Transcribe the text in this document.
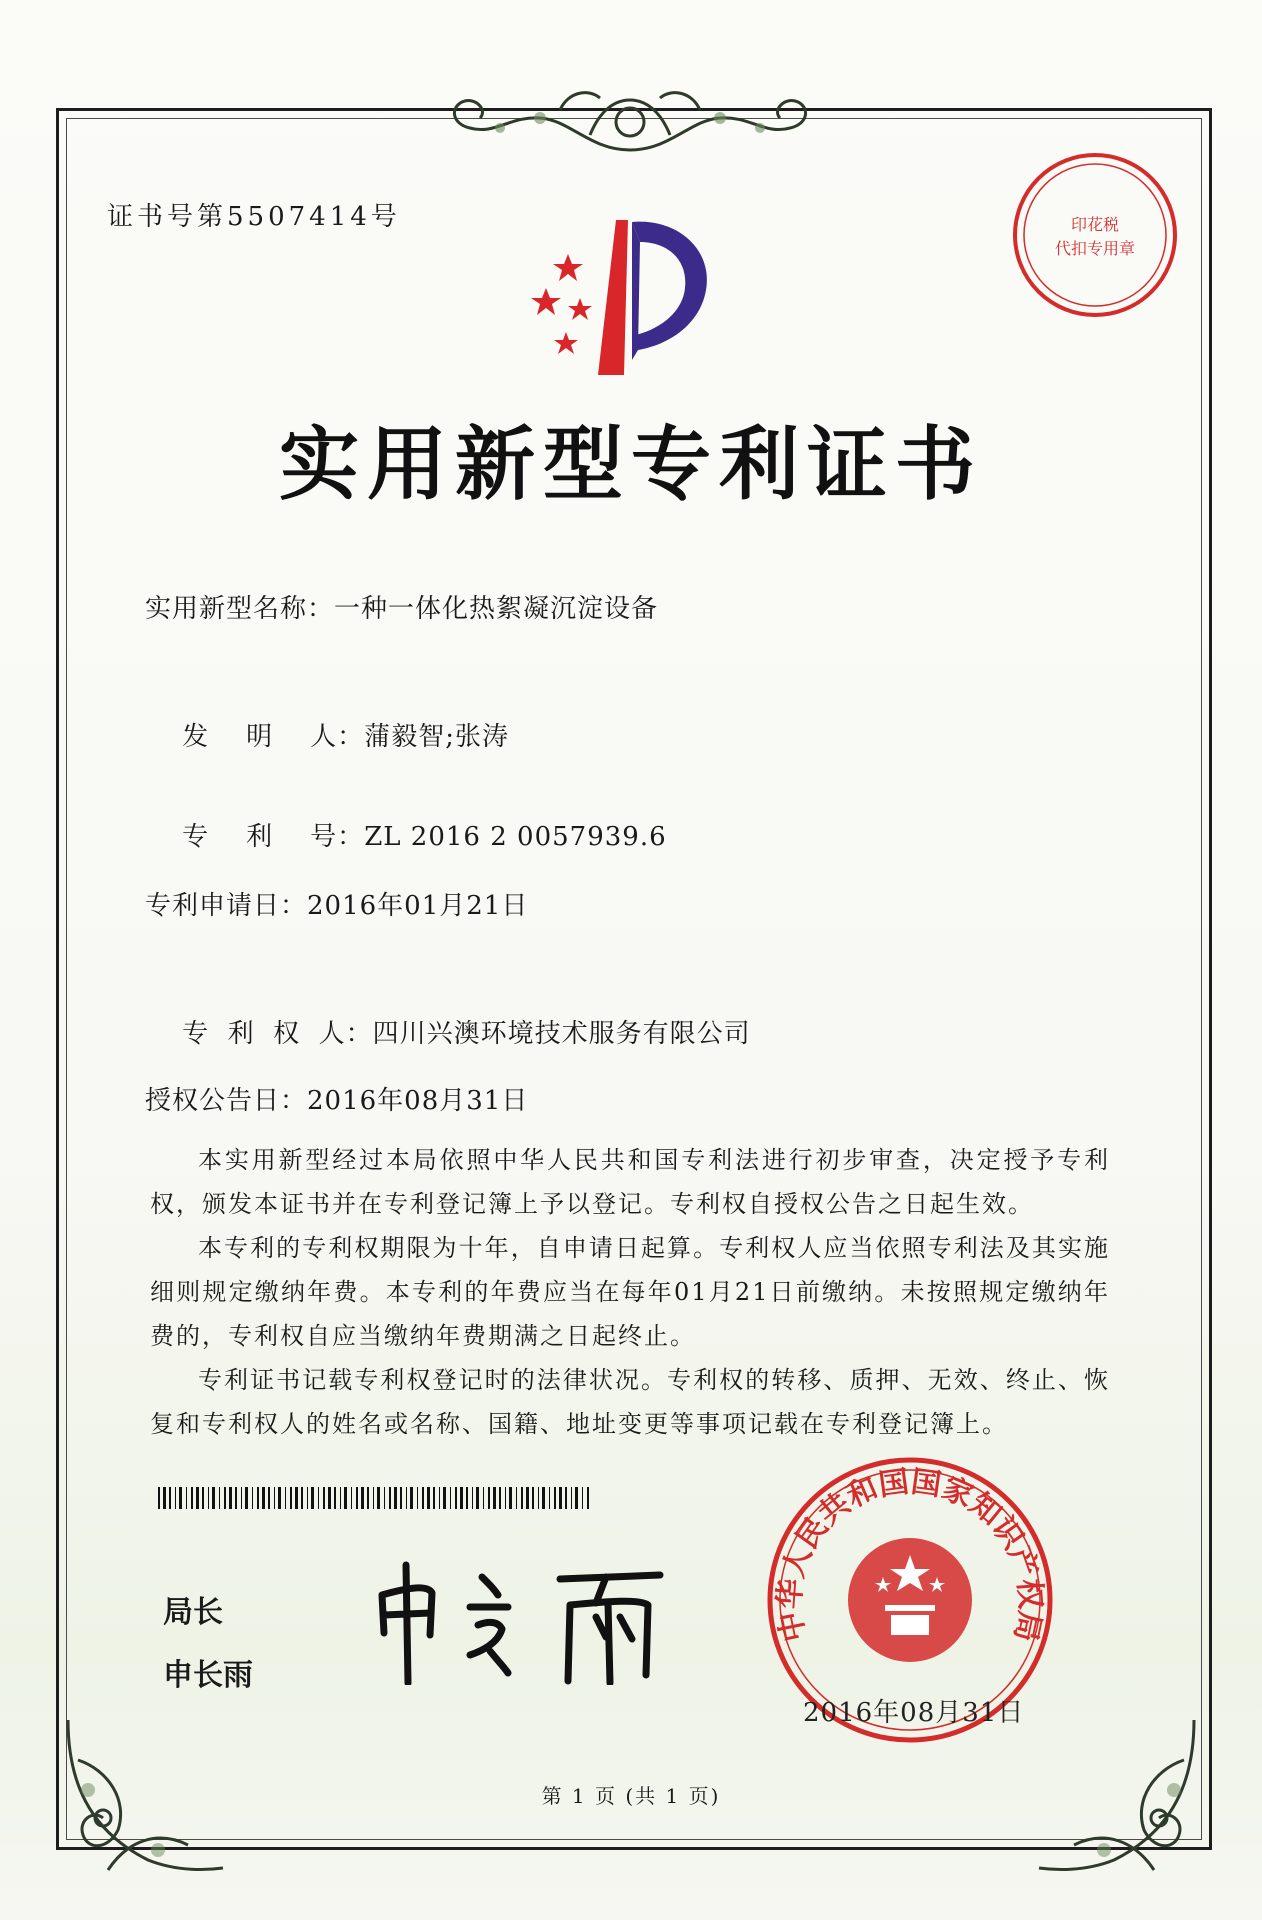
证书号第5507414号	印花税
代扣专用章
实用新型专利证书
实用新型名称：一种一体化热絮凝沉淀设备

发    明    人：蒲毅智;张涛

专    利    号：ZL 2016 2 0057939.6

专利申请日：2016年01月21日

专  利  权  人：四川兴澳环境技术服务有限公司

授权公告日：2016年08月31日

本实用新型经过本局依照中华人民共和国专利法进行初步审查，决定授予专利权，颁发本证书并在专利登记簿上予以登记。专利权自授权公告之日起生效。

本专利的专利权期限为十年，自申请日起算。专利权人应当依照专利法及其实施细则规定缴纳年费。本专利的年费应当在每年01月21日前缴纳。未按照规定缴纳年费的，专利权自应当缴纳年费期满之日起终止。

专利证书记载专利权登记时的法律状况。专利权的转移、质押、无效、终止、恢复和专利权人的姓名或名称、国籍、地址变更等事项记载在专利登记簿上。

局长
申长雨
中华人民共和国国家知识产权局
2016年08月31日
第 1 页 (共 1 页)
